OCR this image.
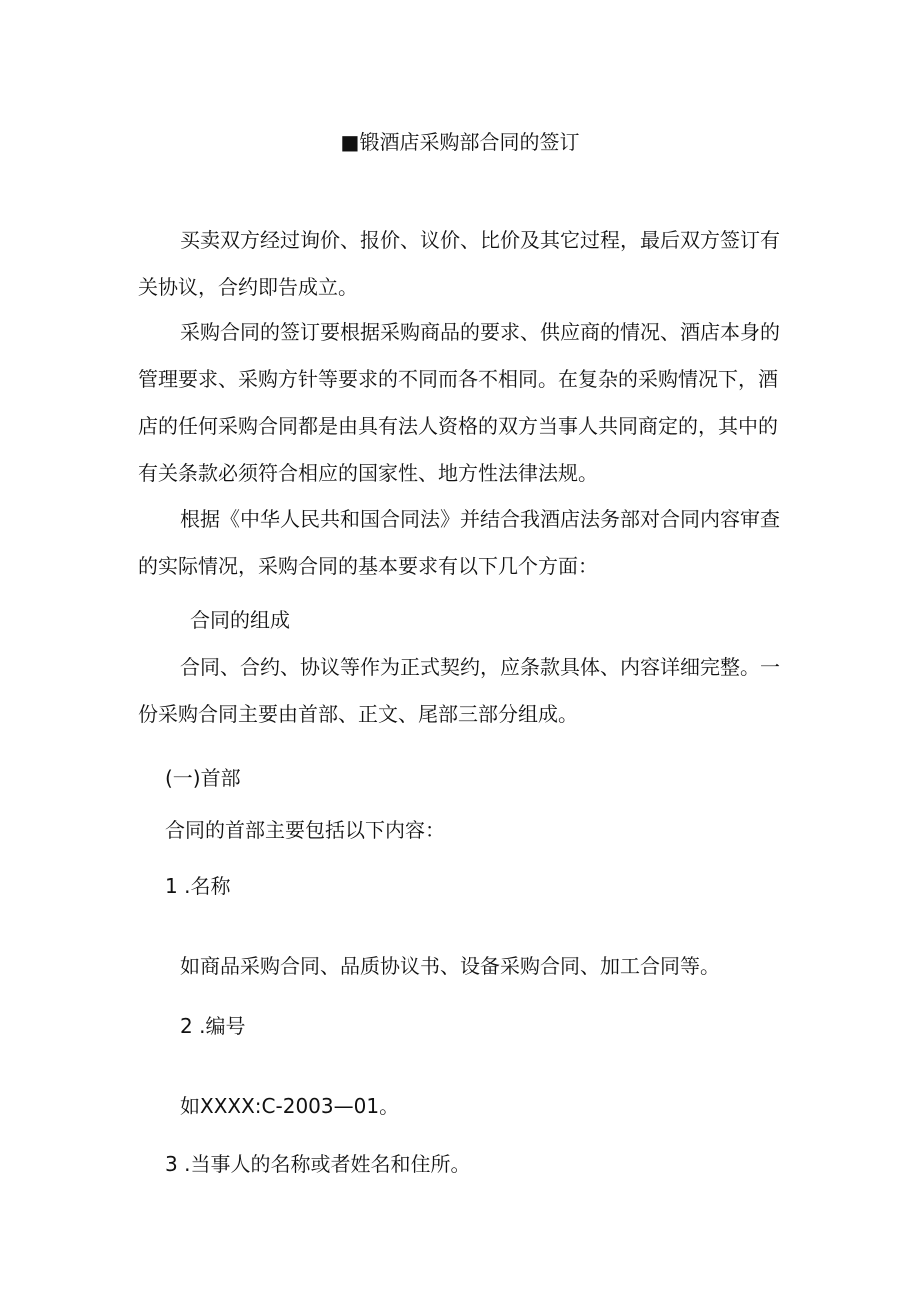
■锻酒店采购部合同的签订

买卖双方经过询价、报价、议价、比价及其它过程，最后双方签订有关协议，合约即告成立。

采购合同的签订要根据采购商品的要求、供应商的情况、酒店本身的管理要求、采购方针等要求的不同而各不相同。在复杂的采购情况下，酒店的任何采购合同都是由具有法人资格的双方当事人共同商定的，其中的有关条款必须符合相应的国家性、地方性法律法规。

根据《中华人民共和国合同法》并结合我酒店法务部对合同内容审查的实际情况，采购合同的基本要求有以下几个方面：

合同的组成

合同、合约、协议等作为正式契约，应条款具体、内容详细完整。一份采购合同主要由首部、正文、尾部三部分组成。

(一)首部

合同的首部主要包括以下内容：

1 .名称

如商品采购合同、品质协议书、设备采购合同、加工合同等。

2 .编号

如XXXX:C-2003—01。

3 .当事人的名称或者姓名和住所。
